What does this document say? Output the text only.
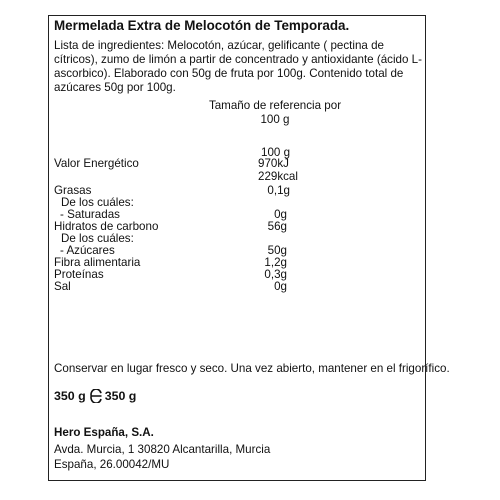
Mermelada Extra de Melocotón de Temporada.
Lista de ingredientes: Melocotón, azúcar, gelificante ( pectina de cítricos), zumo de limón a partir de concentrado y antioxidante (ácido L-ascorbico). Elaborado con 50g de fruta por 100g. Contenido total de azúcares 50g por 100g.
Tamaño de referencia por
100 g
100 g
Valor Energético	970kJ
229kcal
Grasas	0,1g
De los cuáles:
- Saturadas	0g
Hidratos de carbono	56g
De los cuáles:
- Azúcares	50g
Fibra alimentaria	1,2g
Proteínas	0,3g
Sal	0g
Conservar en lugar fresco y seco. Una vez abierto, mantener en el frigorífico.
350 g 350 g
Hero España, S.A.
Avda. Murcia, 1 30820 Alcantarilla, Murcia
España, 26.00042/MU
